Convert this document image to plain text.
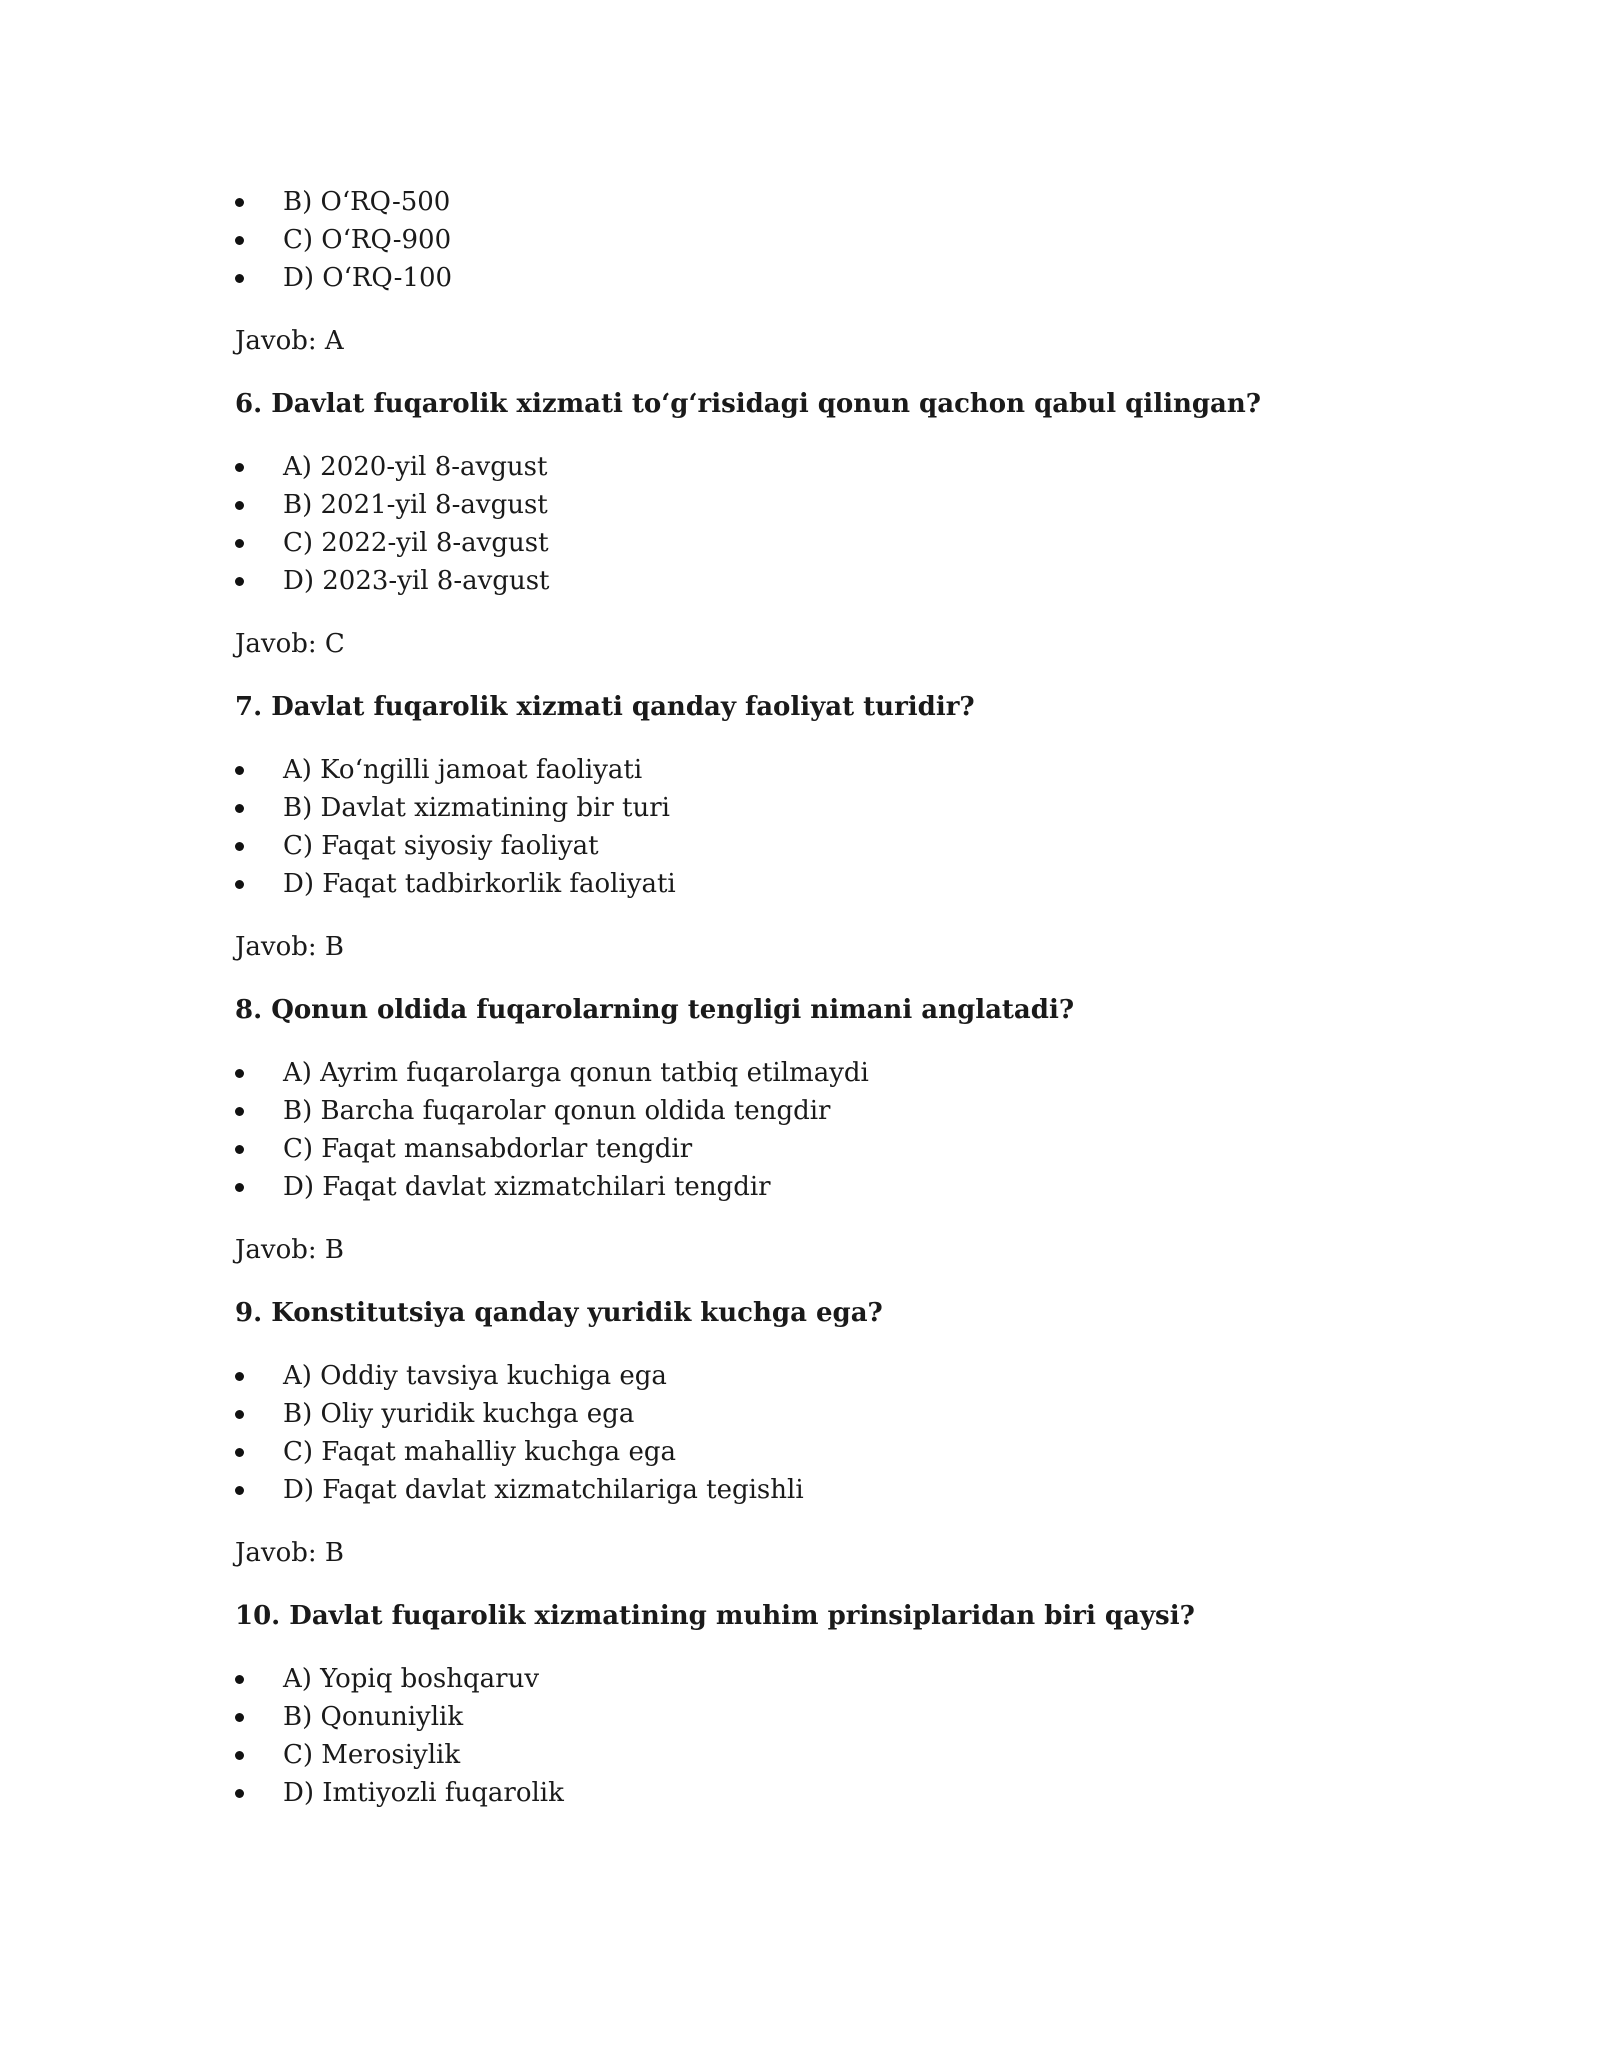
B) O‘RQ-500
C) O‘RQ-900
D) O‘RQ-100
Javob: A
6. Davlat fuqarolik xizmati to‘g‘risidagi qonun qachon qabul qilingan?
A) 2020-yil 8-avgust
B) 2021-yil 8-avgust
C) 2022-yil 8-avgust
D) 2023-yil 8-avgust
Javob: C
7. Davlat fuqarolik xizmati qanday faoliyat turidir?
A) Ko‘ngilli jamoat faoliyati
B) Davlat xizmatining bir turi
C) Faqat siyosiy faoliyat
D) Faqat tadbirkorlik faoliyati
Javob: B
8. Qonun oldida fuqarolarning tengligi nimani anglatadi?
A) Ayrim fuqarolarga qonun tatbiq etilmaydi
B) Barcha fuqarolar qonun oldida tengdir
C) Faqat mansabdorlar tengdir
D) Faqat davlat xizmatchilari tengdir
Javob: B
9. Konstitutsiya qanday yuridik kuchga ega?
A) Oddiy tavsiya kuchiga ega
B) Oliy yuridik kuchga ega
C) Faqat mahalliy kuchga ega
D) Faqat davlat xizmatchilariga tegishli
Javob: B
10. Davlat fuqarolik xizmatining muhim prinsiplaridan biri qaysi?
A) Yopiq boshqaruv
B) Qonuniylik
C) Merosiylik
D) Imtiyozli fuqarolik
